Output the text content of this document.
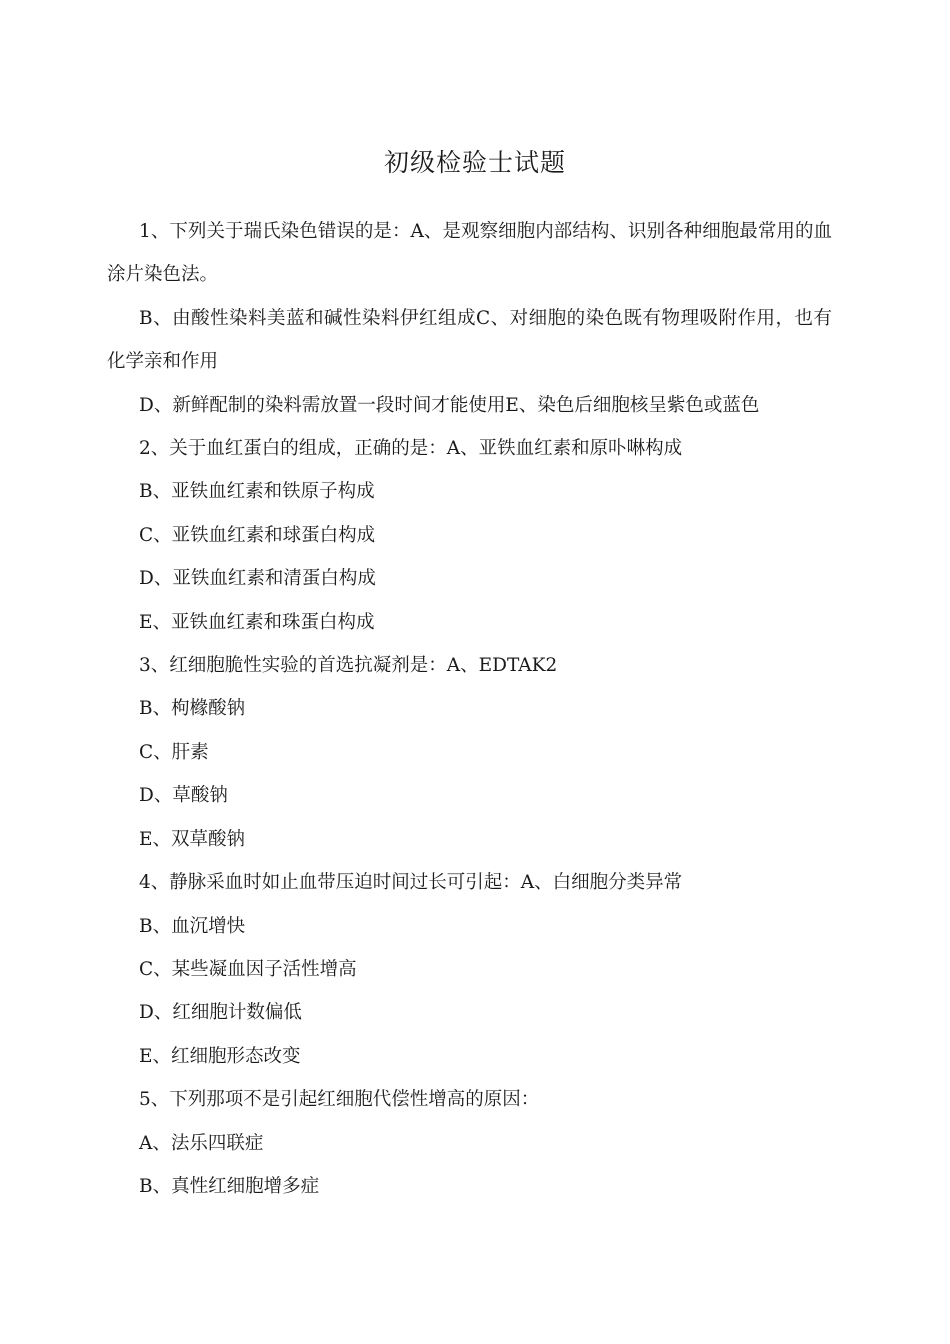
初级检验士试题

1、下列关于瑞氏染色错误的是：A、是观察细胞内部结构、识别各种细胞最常用的血涂片染色法。

B、由酸性染料美蓝和碱性染料伊红组成C、对细胞的染色既有物理吸附作用，也有化学亲和作用

D、新鲜配制的染料需放置一段时间才能使用E、染色后细胞核呈紫色或蓝色

2、关于血红蛋白的组成，正确的是：A、亚铁血红素和原卟啉构成

B、亚铁血红素和铁原子构成

C、亚铁血红素和球蛋白构成

D、亚铁血红素和清蛋白构成

E、亚铁血红素和珠蛋白构成

3、红细胞脆性实验的首选抗凝剂是：A、EDTAK2

B、枸橼酸钠

C、肝素

D、草酸钠

E、双草酸钠

4、静脉采血时如止血带压迫时间过长可引起：A、白细胞分类异常

B、血沉增快

C、某些凝血因子活性增高

D、红细胞计数偏低

E、红细胞形态改变

5、下列那项不是引起红细胞代偿性增高的原因：

A、法乐四联症

B、真性红细胞增多症
